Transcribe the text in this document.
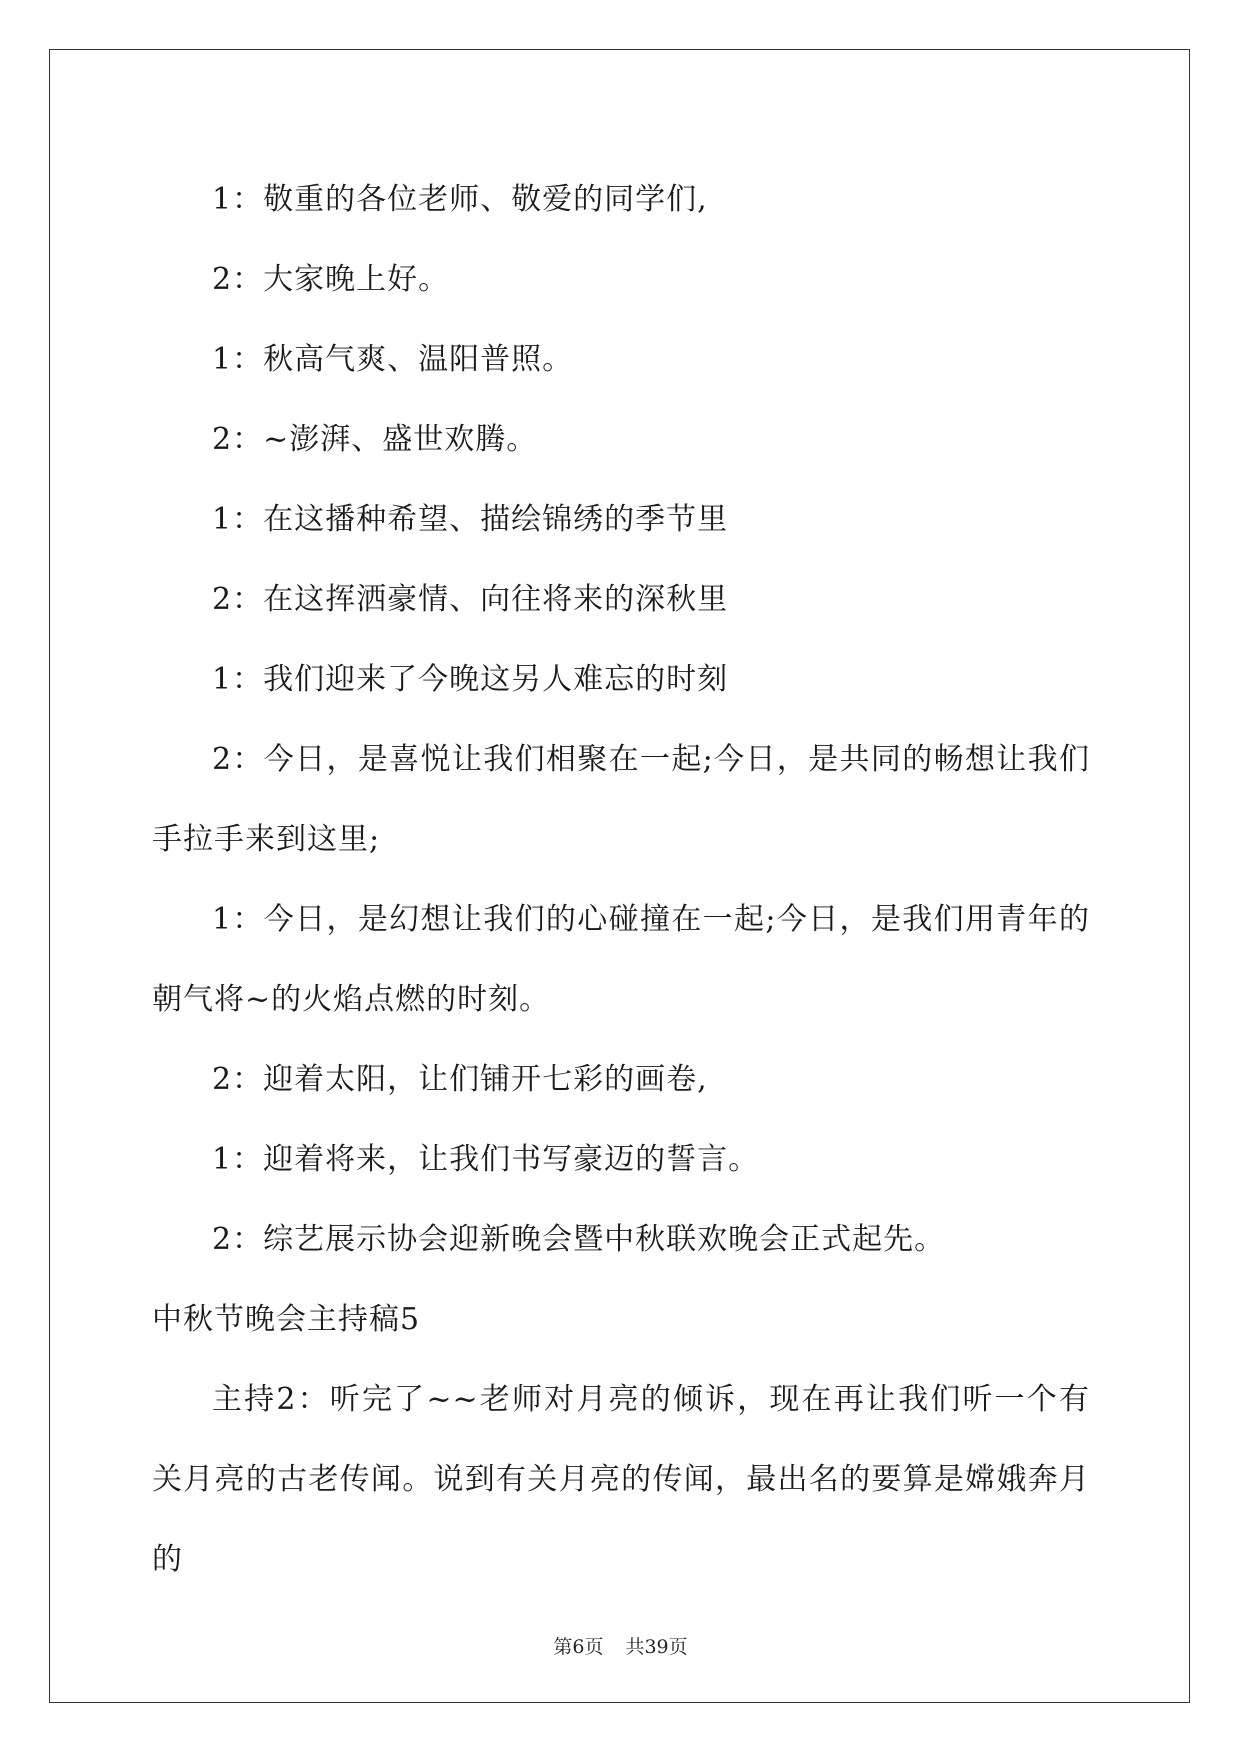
1：敬重的各位老师、敬爱的同学们,

2：大家晚上好。

1：秋高气爽、温阳普照。

2：~澎湃、盛世欢腾。

1：在这播种希望、描绘锦绣的季节里

2：在这挥洒豪情、向往将来的深秋里

1：我们迎来了今晚这另人难忘的时刻

2：今日，是喜悦让我们相聚在一起;今日，是共同的畅想让我们手拉手来到这里;

1：今日，是幻想让我们的心碰撞在一起;今日，是我们用青年的朝气将~的火焰点燃的时刻。

2：迎着太阳，让们铺开七彩的画卷,

1：迎着将来，让我们书写豪迈的誓言。

2：综艺展示协会迎新晚会暨中秋联欢晚会正式起先。

中秋节晚会主持稿5

主持2：听完了~~老师对月亮的倾诉，现在再让我们听一个有关月亮的古老传闻。说到有关月亮的传闻，最出名的要算是嫦娥奔月的

第6页 共39页
